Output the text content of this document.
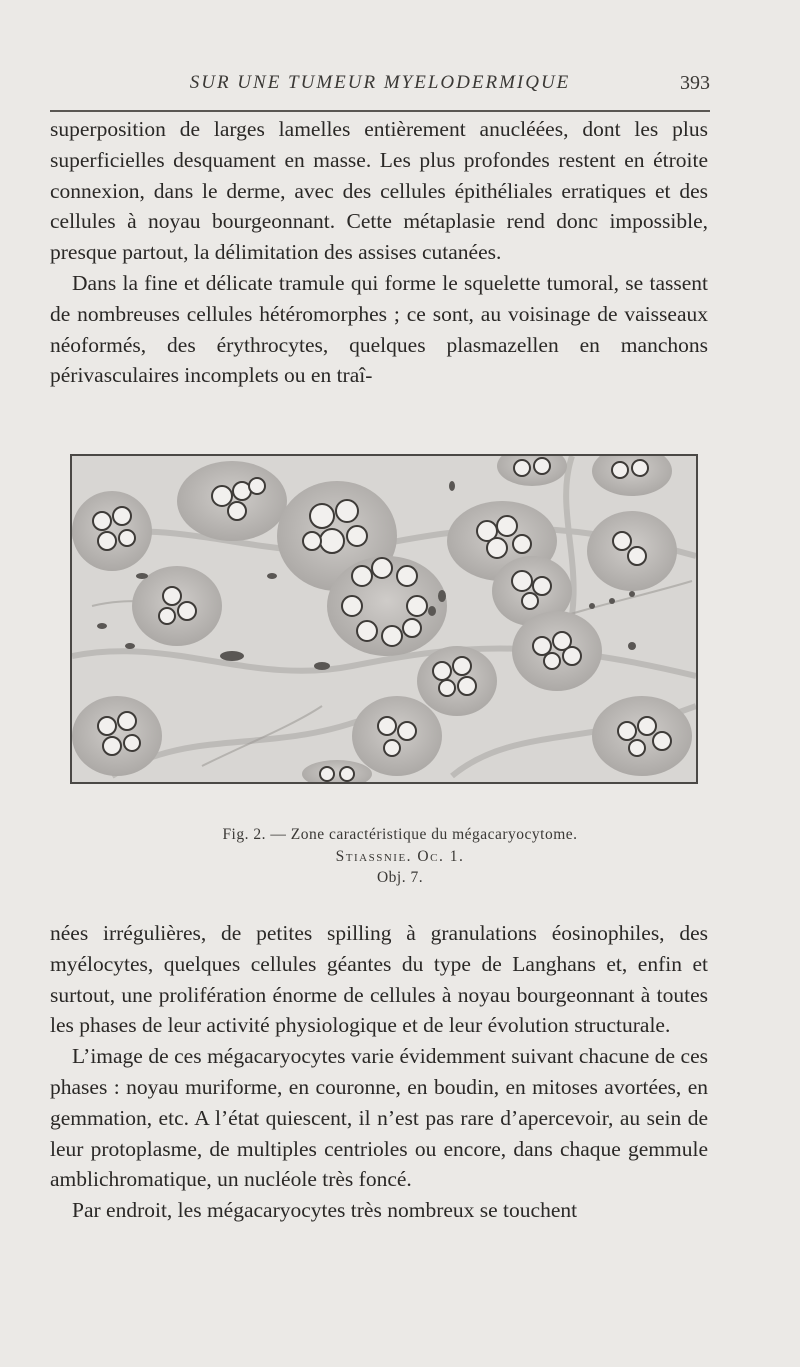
SUR UNE TUMEUR MYELODERMIQUE	393

superposition de larges lamelles entièrement anucléées, dont les plus superficielles desquament en masse. Les plus profondes restent en étroite connexion, dans le derme, avec des cellules épithéliales erratiques et des cellules à noyau bourgeonnant. Cette métaplasie rend donc impossible, presque partout, la délimitation des assises cutanées.

Dans la fine et délicate tramule qui forme le squelette tumoral, se tassent de nombreuses cellules hétéromorphes ; ce sont, au voisinage de vaisseaux néoformés, des érythrocytes, quelques plasmazellen en manchons périvasculaires incomplets ou en traî-

Fig. 2. — Zone caractéristique du mégacaryocytome.
Stiassnie. Oc. 1.
Obj. 7.

nées irrégulières, de petites spilling à granulations éosinophiles, des myélocytes, quelques cellules géantes du type de Langhans et, enfin et surtout, une prolifération énorme de cellules à noyau bourgeonnant à toutes les phases de leur activité physiologique et de leur évolution structurale.

L’image de ces mégacaryocytes varie évidemment suivant chacune de ces phases : noyau muriforme, en couronne, en boudin, en mitoses avortées, en gemmation, etc. A l’état quiescent, il n’est pas rare d’apercevoir, au sein de leur protoplasme, de multiples centrioles ou encore, dans chaque gemmule amblichromatique, un nucléole très foncé.

Par endroit, les mégacaryocytes très nombreux se touchent
